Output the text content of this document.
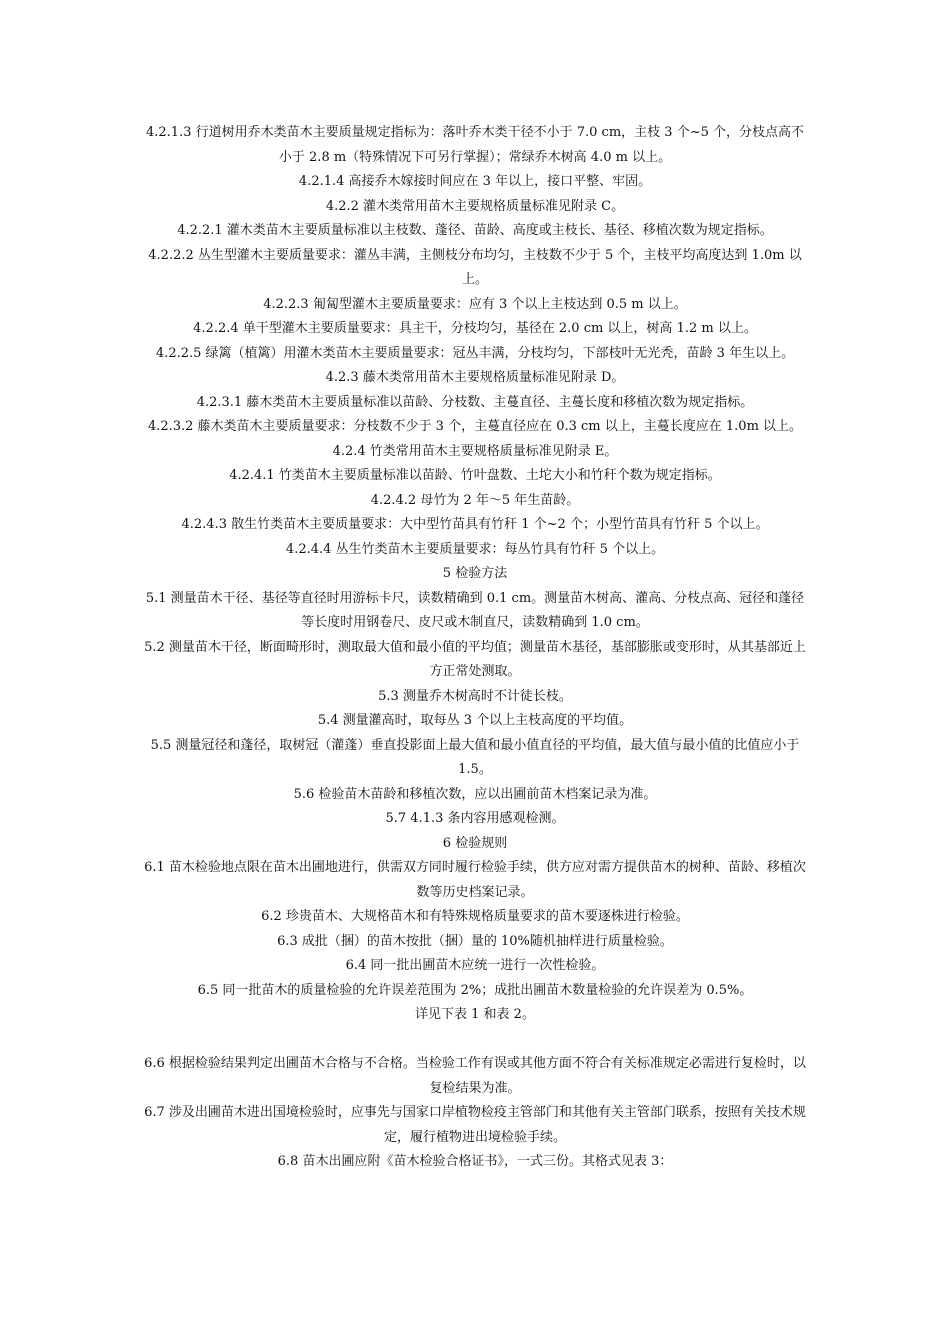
4.2.1.3 行道树用乔木类苗木主要质量规定指标为：落叶乔木类干径不小于 7.0 cm，主枝 3 个~5 个，分枝点高不小于 2.8 m（特殊情况下可另行掌握）；常绿乔木树高 4.0 m 以上。

4.2.1.4 高接乔木嫁接时间应在 3 年以上，接口平整、牢固。

4.2.2 灌木类常用苗木主要规格质量标准见附录 C。

4.2.2.1 灌木类苗木主要质量标准以主枝数、蓬径、苗龄、高度或主枝长、基径、移植次数为规定指标。

4.2.2.2 丛生型灌木主要质量要求：灌丛丰满，主侧枝分布均匀，主枝数不少于 5 个，主枝平均高度达到 1.0m 以上。

4.2.2.3 匍匐型灌木主要质量要求：应有 3 个以上主枝达到 0.5 m 以上。

4.2.2.4 单干型灌木主要质量要求：具主干，分枝均匀，基径在 2.0 cm 以上，树高 1.2 m 以上。

4.2.2.5 绿篱（植篱）用灌木类苗木主要质量要求：冠丛丰满，分枝均匀，下部枝叶无光秃，苗龄 3 年生以上。

4.2.3 藤木类常用苗木主要规格质量标准见附录 D。

4.2.3.1 藤木类苗木主要质量标准以苗龄、分枝数、主蔓直径、主蔓长度和移植次数为规定指标。

4.2.3.2 藤木类苗木主要质量要求：分枝数不少于 3 个，主蔓直径应在 0.3 cm 以上，主蔓长度应在 1.0m 以上。

4.2.4 竹类常用苗木主要规格质量标准见附录 E。

4.2.4.1 竹类苗木主要质量标准以苗龄、竹叶盘数、土坨大小和竹秆个数为规定指标。

4.2.4.2 母竹为 2 年～5 年生苗龄。

4.2.4.3 散生竹类苗木主要质量要求：大中型竹苗具有竹秆 1 个~2 个；小型竹苗具有竹秆 5 个以上。

4.2.4.4 丛生竹类苗木主要质量要求：每丛竹具有竹秆 5 个以上。

5 检验方法

5.1 测量苗木干径、基径等直径时用游标卡尺，读数精确到 0.1 cm。测量苗木树高、灌高、分枝点高、冠径和蓬径等长度时用钢卷尺、皮尺或木制直尺，读数精确到 1.0 cm。

5.2 测量苗木干径，断面畸形时，测取最大值和最小值的平均值；测量苗木基径，基部膨胀或变形时，从其基部近上方正常处测取。

5.3 测量乔木树高时不计徒长枝。

5.4 测量灌高时，取每丛 3 个以上主枝高度的平均值。

5.5 测量冠径和蓬径，取树冠（灌蓬）垂直投影面上最大值和最小值直径的平均值，最大值与最小值的比值应小于 1.5。

5.6 检验苗木苗龄和移植次数，应以出圃前苗木档案记录为准。

5.7 4.1.3 条内容用感观检测。

6 检验规则

6.1 苗木检验地点限在苗木出圃地进行，供需双方同时履行检验手续，供方应对需方提供苗木的树种、苗龄、移植次数等历史档案记录。

6.2 珍贵苗木、大规格苗木和有特殊规格质量要求的苗木要逐株进行检验。

6.3 成批（捆）的苗木按批（捆）量的 10%随机抽样进行质量检验。

6.4 同一批出圃苗木应统一进行一次性检验。

6.5 同一批苗木的质量检验的允许误差范围为 2%；成批出圃苗木数量检验的允许误差为 0.5%。

详见下表 1 和表 2。

6.6 根据检验结果判定出圃苗木合格与不合格。当检验工作有误或其他方面不符合有关标准规定必需进行复检时，以复检结果为准。

6.7 涉及出圃苗木进出国境检验时，应事先与国家口岸植物检疫主管部门和其他有关主管部门联系，按照有关技术规定，履行植物进出境检验手续。

6.8 苗木出圃应附《苗木检验合格证书》，一式三份。其格式见表 3：
